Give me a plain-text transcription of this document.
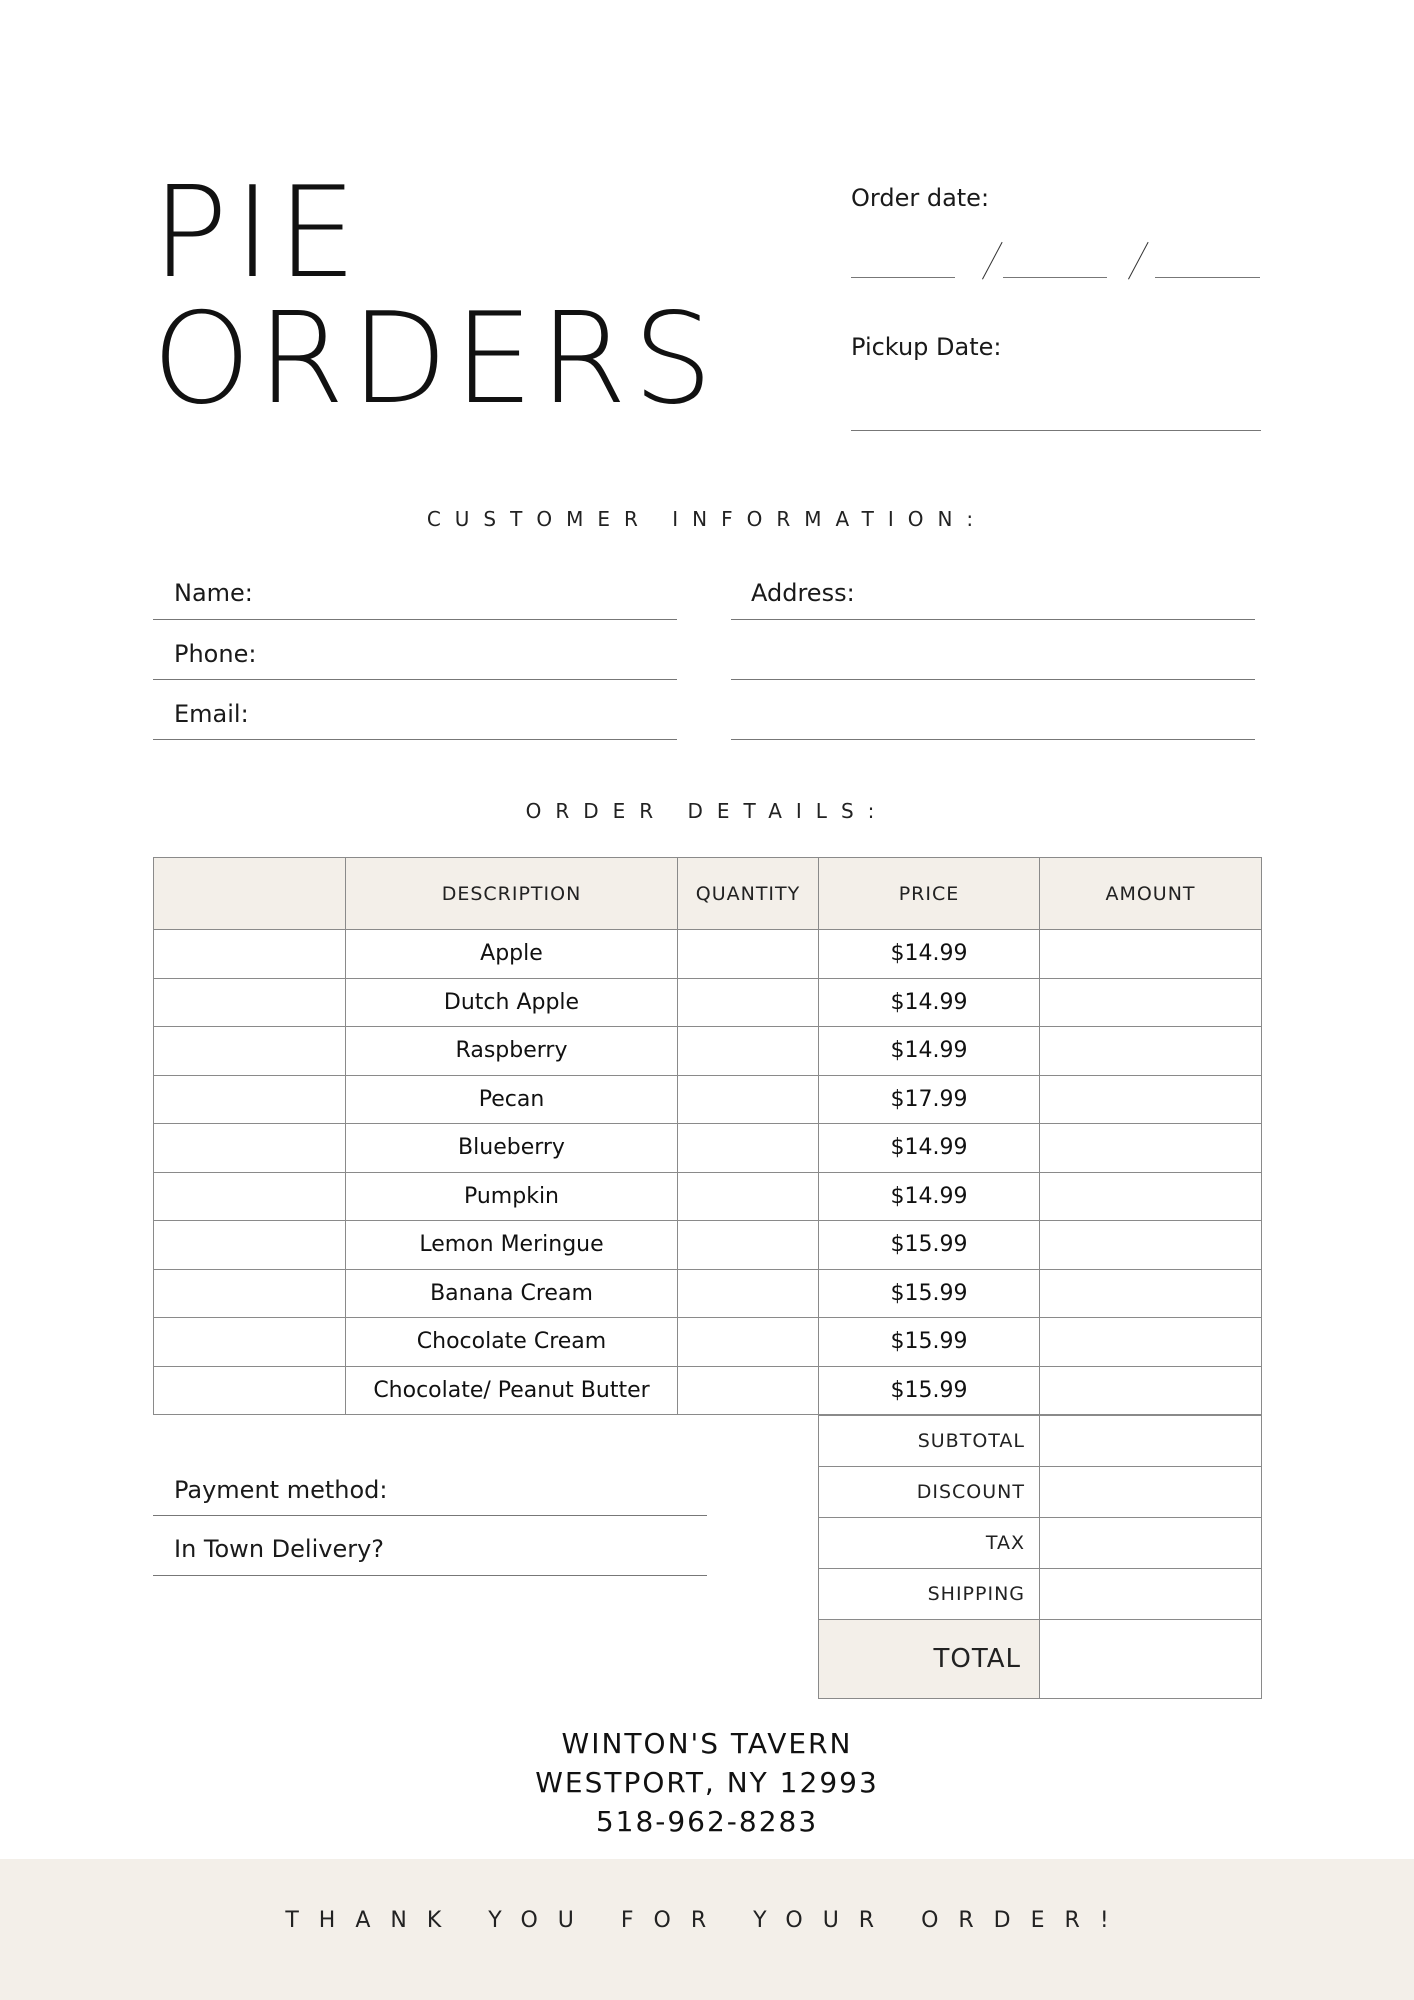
PIE
ORDERS
Order date:
Pickup Date:
CUSTOMER INFORMATION:
Name:
Phone:
Email:
Address:
ORDER DETAILS:
	DESCRIPTION	QUANTITY	PRICE	AMOUNT
	Apple		$14.99	
	Dutch Apple		$14.99	
	Raspberry		$14.99	
	Pecan		$17.99	
	Blueberry		$14.99	
	Pumpkin		$14.99	
	Lemon Meringue		$15.99	
	Banana Cream		$15.99	
	Chocolate Cream		$15.99	
	Chocolate/ Peanut Butter		$15.99	
Payment method:
In Town Delivery?
SUBTOTAL	
DISCOUNT	
TAX	
SHIPPING	
TOTAL	
WINTON'S TAVERN
WESTPORT, NY 12993
518-962-8283
THANK YOU FOR YOUR ORDER!
